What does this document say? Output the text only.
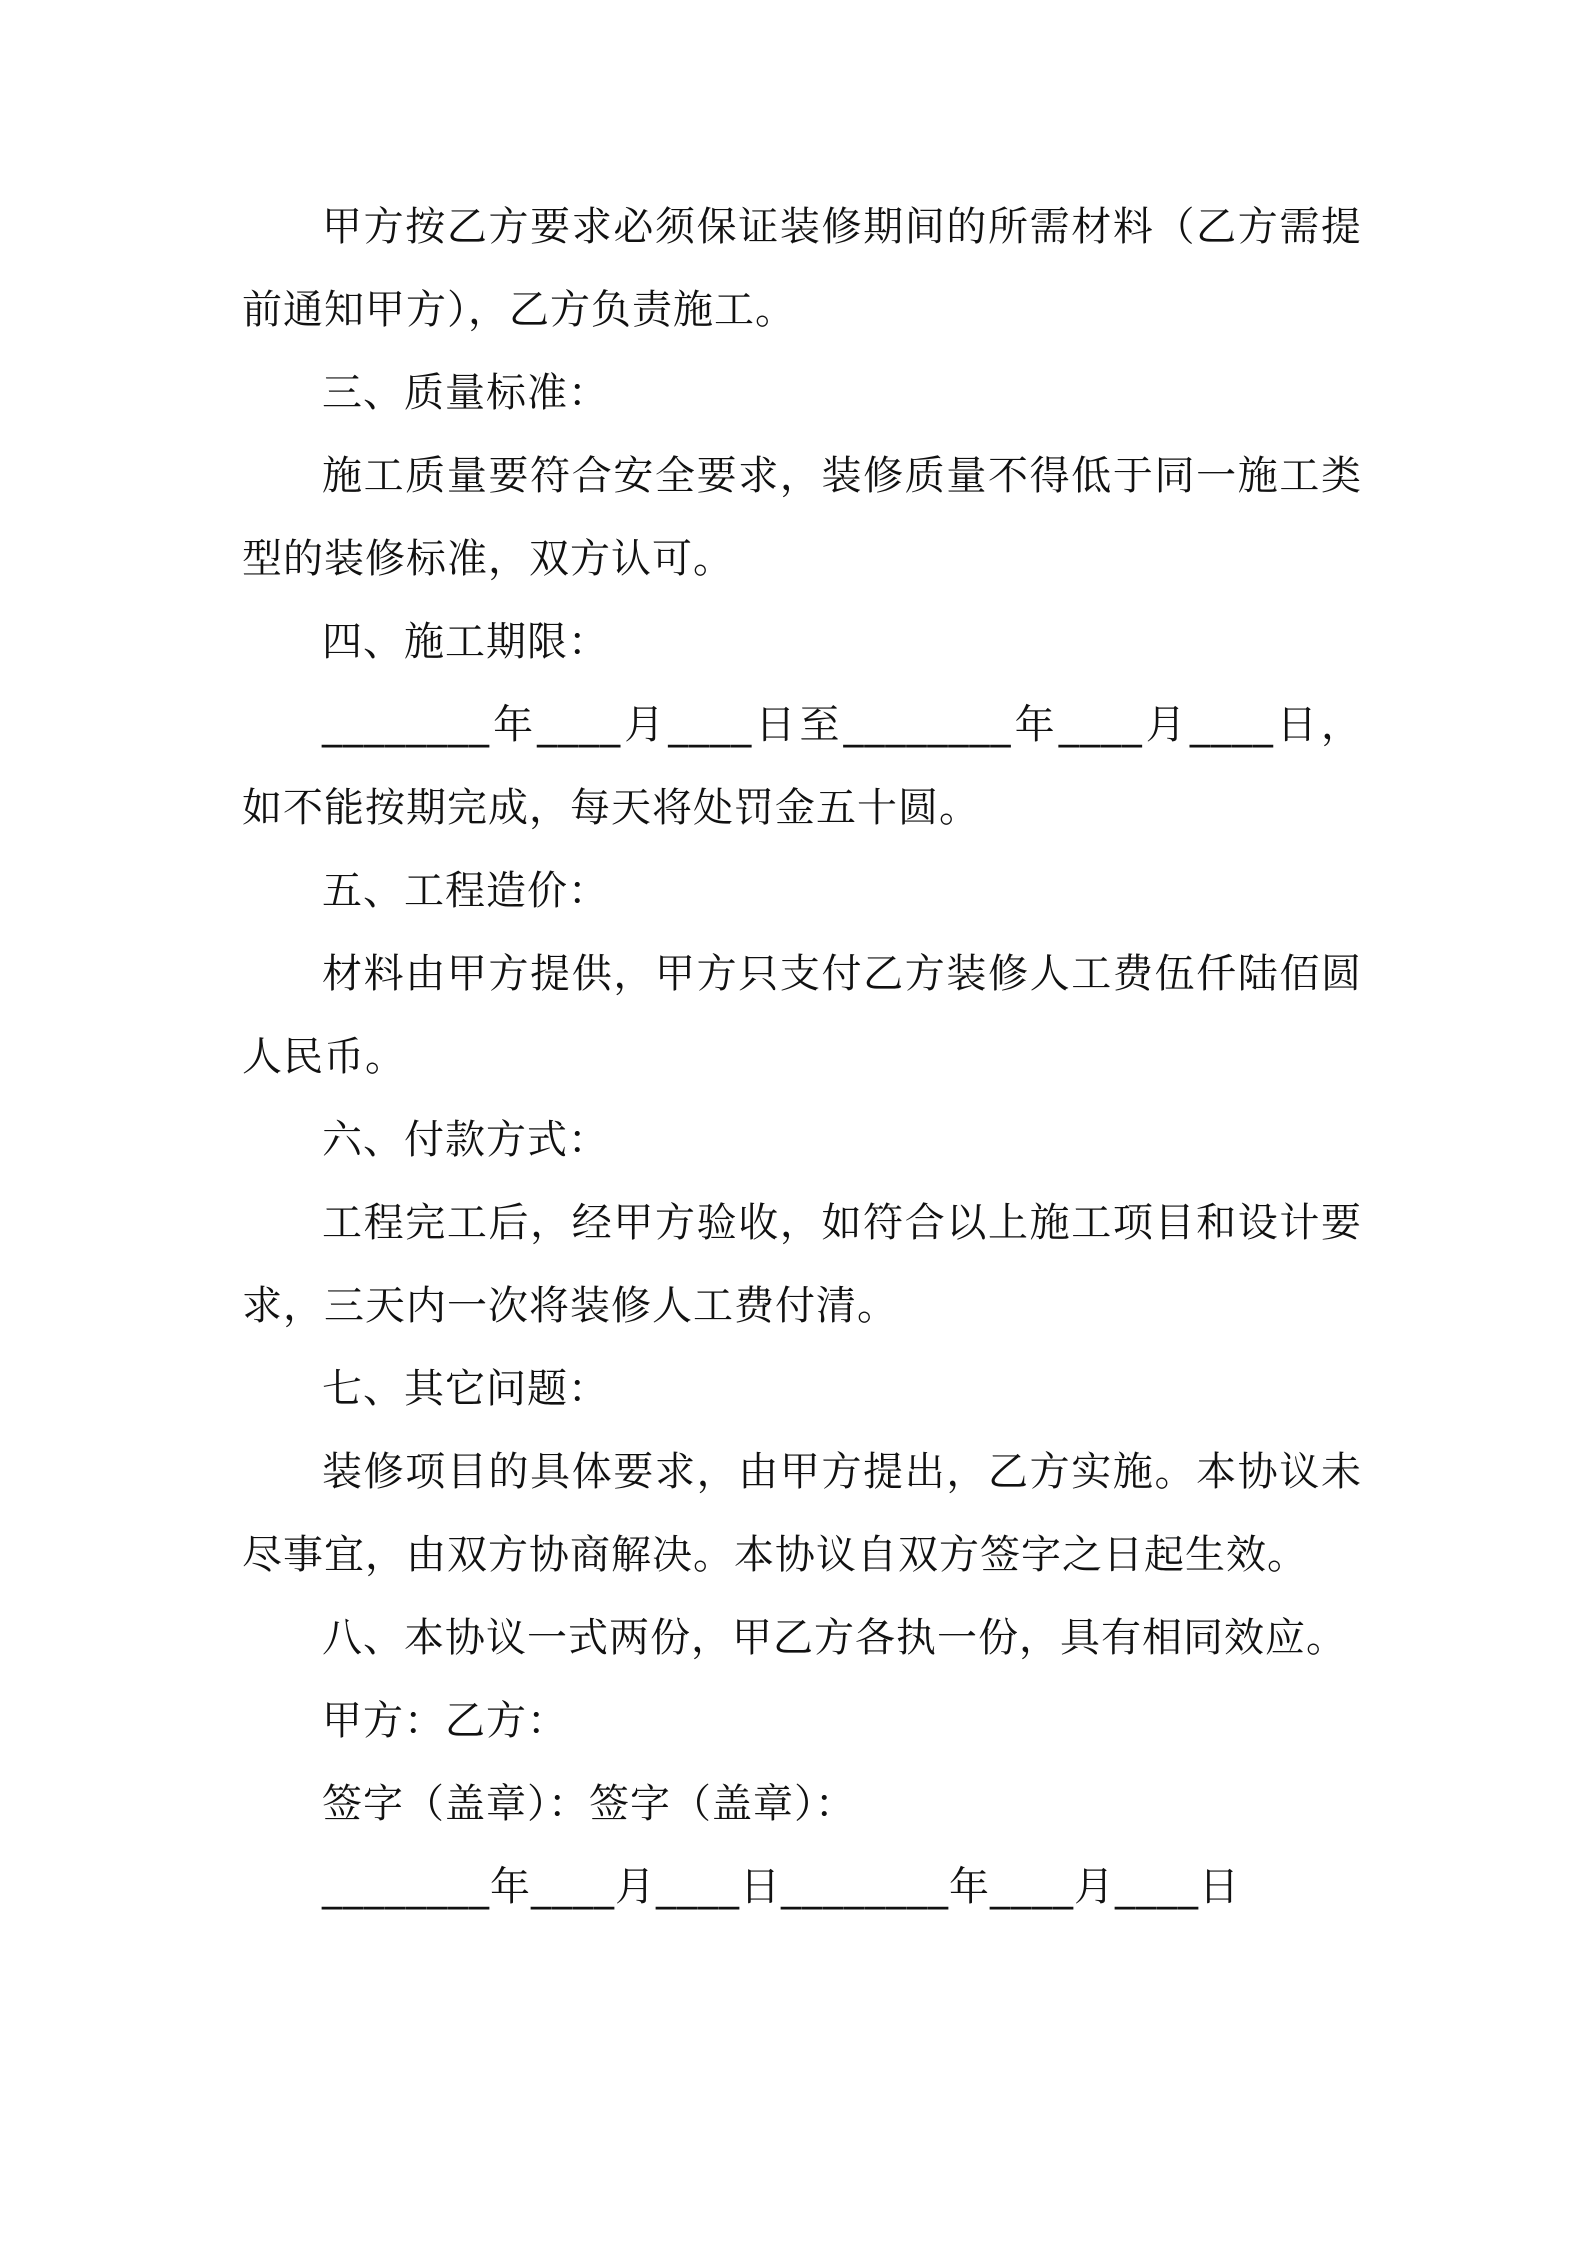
甲方按乙方要求必须保证装修期间的所需材料（乙方需提前通知甲方），乙方负责施工。

三、质量标准：

施工质量要符合安全要求，装修质量不得低于同一施工类型的装修标准，双方认可。

四、施工期限：

________年____月____日至________年____月____日，如不能按期完成，每天将处罚金五十圆。

五、工程造价：

材料由甲方提供，甲方只支付乙方装修人工费伍仟陆佰圆人民币。

六、付款方式：

工程完工后，经甲方验收，如符合以上施工项目和设计要求，三天内一次将装修人工费付清。

七、其它问题：

装修项目的具体要求，由甲方提出，乙方实施。本协议未尽事宜，由双方协商解决。本协议自双方签字之日起生效。

八、本协议一式两份，甲乙方各执一份，具有相同效应。

甲方：乙方：

签字（盖章）：签字（盖章）：

________年____月____日________年____月____日
